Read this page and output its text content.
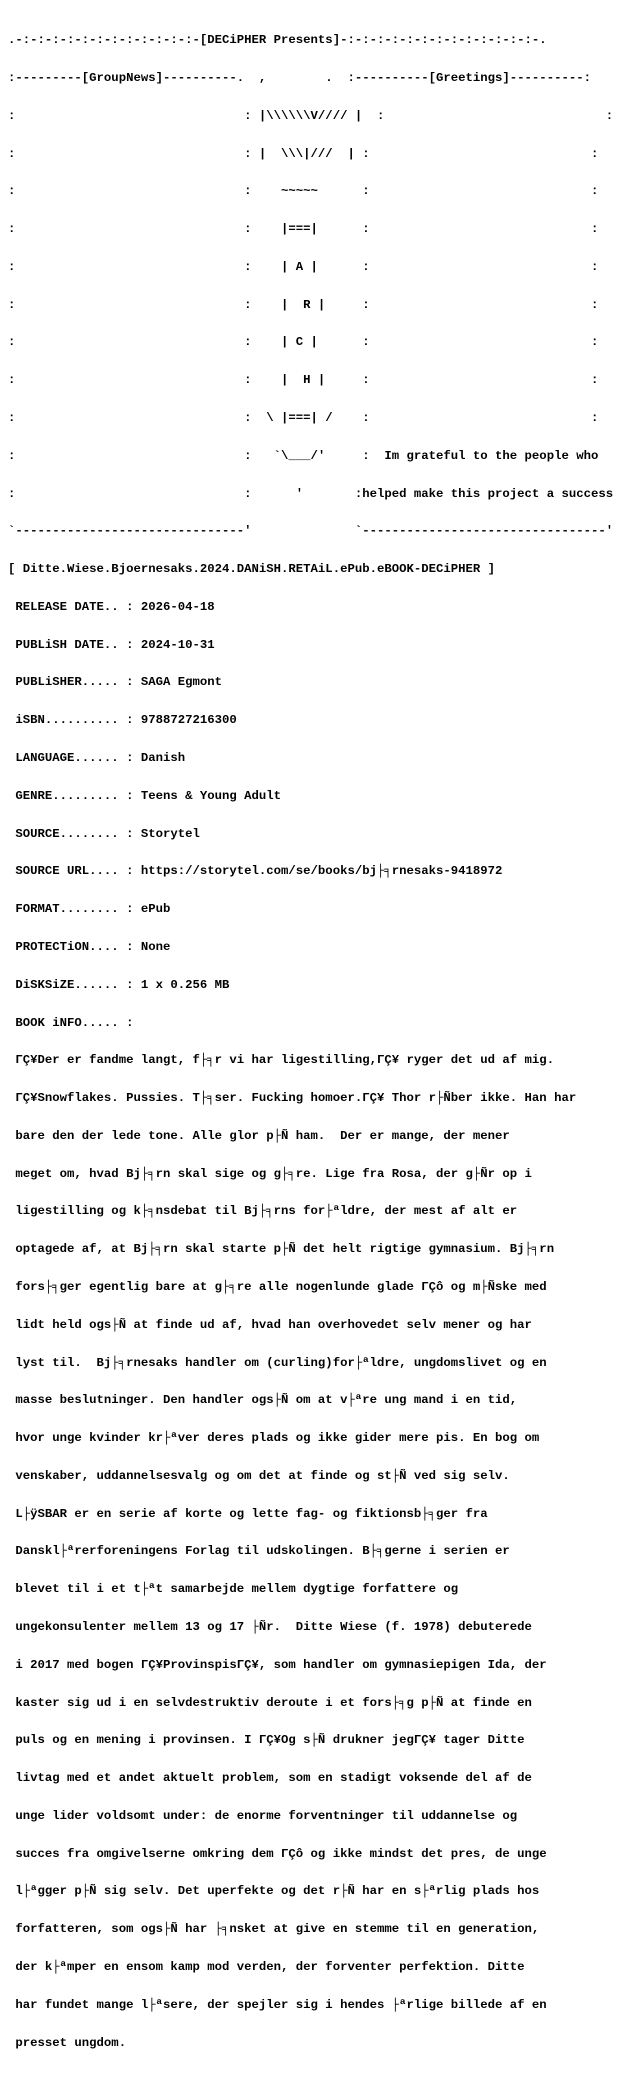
.-:-:-:-:-:-:-:-:-:-:-:-:-[DECiPHER Presents]-:-:-:-:-:-:-:-:-:-:-:-:-:-.

:---------[GroupNews]----------.  ,        .  :----------[Greetings]----------:

:                               : |\\\\\\V//// |  :                              :

:                               : |  \\\|///  | :                              :

:                               :    ~~~~~      :                              :

:                               :    |===|      :                              :

:                               :    | A |      :                              :

:                               :    |  R |     :                              :

:                               :    | C |      :                              :

:                               :    |  H |     :                              :

:                               :  \ |===| /    :                              :

:                               :   `\___/'     :  Im grateful to the people who

:                               :      '       :helped make this project a success

`-------------------------------'              `---------------------------------'

[ Ditte.Wiese.Bjoernesaks.2024.DANiSH.RETAiL.ePub.eBOOK-DECiPHER ]

RELEASE DATE.. : 2026-04-18

PUBLiSH DATE.. : 2024-10-31

PUBLiSHER..... : SAGA Egmont

iSBN.......... : 9788727216300

LANGUAGE...... : Danish

GENRE......... : Teens & Young Adult

SOURCE........ : Storytel

SOURCE URL.... : https://storytel.com/se/books/bj├╕rnesaks-9418972

FORMAT........ : ePub

PROTECTiON.... : None

DiSKSiZE...... : 1 x 0.256 MB

BOOK iNFO..... :

ΓÇ¥Der er fandme langt, f├╕r vi har ligestilling,ΓÇ¥ ryger det ud af mig.

ΓÇ¥Snowflakes. Pussies. T├╕ser. Fucking homoer.ΓÇ¥ Thor r├Ñber ikke. Han har

bare den der lede tone. Alle glor p├Ñ ham.  Der er mange, der mener

meget om, hvad Bj├╕rn skal sige og g├╕re. Lige fra Rosa, der g├Ñr op i

ligestilling og k├╕nsdebat til Bj├╕rns for├ªldre, der mest af alt er

optagede af, at Bj├╕rn skal starte p├Ñ det helt rigtige gymnasium. Bj├╕rn

fors├╕ger egentlig bare at g├╕re alle nogenlunde glade ΓÇô og m├Ñske med

lidt held ogs├Ñ at finde ud af, hvad han overhovedet selv mener og har

lyst til.  Bj├╕rnesaks handler om (curling)for├ªldre, ungdomslivet og en

masse beslutninger. Den handler ogs├Ñ om at v├ªre ung mand i en tid,

hvor unge kvinder kr├ªver deres plads og ikke gider mere pis. En bog om

venskaber, uddannelsesvalg og om det at finde og st├Ñ ved sig selv.

L├ÿSBAR er en serie af korte og lette fag- og fiktionsb├╕ger fra

Danskl├ªrerforeningens Forlag til udskolingen. B├╕gerne i serien er

blevet til i et t├ªt samarbejde mellem dygtige forfattere og

ungekonsulenter mellem 13 og 17 ├Ñr.  Ditte Wiese (f. 1978) debuterede

i 2017 med bogen ΓÇ¥ProvinspisΓÇ¥, som handler om gymnasiepigen Ida, der

kaster sig ud i en selvdestruktiv deroute i et fors├╕g p├Ñ at finde en

puls og en mening i provinsen. I ΓÇ¥Og s├Ñ drukner jegΓÇ¥ tager Ditte

livtag med et andet aktuelt problem, som en stadigt voksende del af de

unge lider voldsomt under: de enorme forventninger til uddannelse og

succes fra omgivelserne omkring dem ΓÇô og ikke mindst det pres, de unge

l├ªgger p├Ñ sig selv. Det uperfekte og det r├Ñ har en s├ªrlig plads hos

forfatteren, som ogs├Ñ har ├╕nsket at give en stemme til en generation,

der k├ªmper en ensom kamp mod verden, der forventer perfektion. Ditte

har fundet mange l├ªsere, der spejler sig i hendes ├ªrlige billede af en

presset ungdom.
